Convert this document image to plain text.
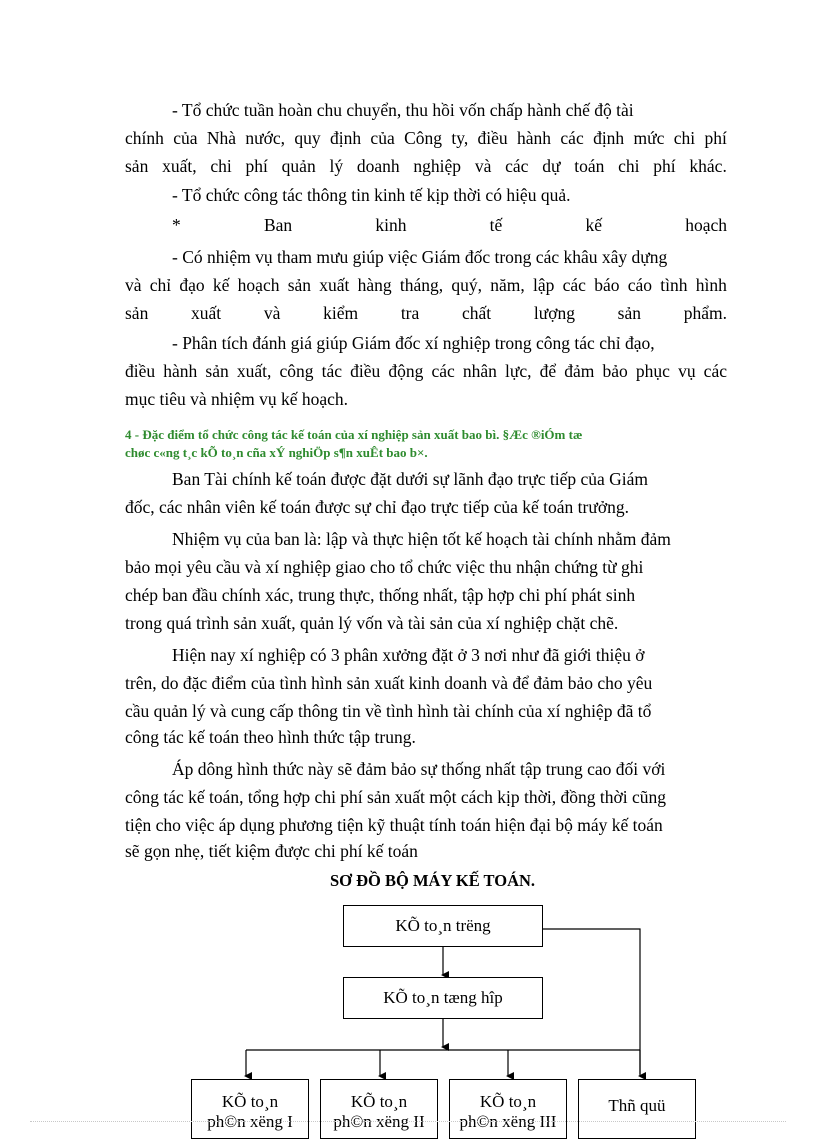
- Tổ chức tuần hoàn chu chuyển, thu hồi vốn chấp hành chế độ tài
chính của Nhà nước, quy định của Công ty, điều hành các định mức chi phí
sản xuất, chi phí quản lý doanh nghiệp và các dự toán chi phí khác.
- Tổ chức công tác thông tin kinh tế kịp thời có hiệu quả.
*	Ban	kinh	tế	kế	hoạch
- Có nhiệm vụ tham mưu giúp việc Giám đốc trong các khâu xây dựng
và chỉ đạo kế hoạch sản xuất hàng tháng, quý, năm, lập các báo cáo tình hình
sản xuất và kiểm tra chất lượng sản phẩm.
- Phân tích đánh giá giúp Giám đốc xí nghiệp trong công tác chỉ đạo,
điều hành sản xuất, công tác điều động các nhân lực, để đảm bảo phục vụ các
mục tiêu và nhiệm vụ kế hoạch.
4 - Đặc điểm tổ chức công tác kế toán của xí nghiệp sản xuất bao bì. §Æc ®iÓm tæ
chøc c«ng t¸c kÕ to¸n cña xÝ nghiÖp s¶n xuÊt bao b×.
Ban Tài chính kế toán được đặt dưới sự lãnh đạo trực tiếp của Giám
đốc, các nhân viên kế toán được sự chỉ đạo trực tiếp của kế toán trưởng.
Nhiệm vụ của ban là: lập và thực hiện tốt kế hoạch tài chính nhằm đảm
bảo mọi yêu cầu và xí nghiệp giao cho tổ chức việc thu nhận chứng từ ghi
chép ban đầu chính xác, trung thực, thống nhất, tập hợp chi phí phát sinh
trong quá trình sản xuất, quản lý vốn và tài sản của xí nghiệp chặt chẽ.
Hiện nay xí nghiệp có 3 phân xưởng đặt ở 3 nơi như đã giới thiệu ở
trên, do đặc điểm của tình hình sản xuất kinh doanh và để đảm bảo cho yêu
cầu quản lý và cung cấp thông tin về tình hình tài chính của xí nghiệp đã tổ
công tác kế toán theo hình thức tập trung.
Áp dông hình thức này sẽ đảm bảo sự thống nhất tập trung cao đối với
công tác kế toán, tổng hợp chi phí sản xuất một cách kịp thời, đồng thời cũng
tiện cho việc áp dụng phương tiện kỹ thuật tính toán hiện đại bộ máy kế toán
sẽ gọn nhẹ, tiết kiệm được chi phí kế toán
SƠ ĐỒ BỘ MÁY KẾ TOÁN.
KÕ to¸n trëng
KÕ to¸n tæng hîp
KÕ to¸n
ph©n xëng I
KÕ to¸n
ph©n xëng II
KÕ to¸n
ph©n xëng III
Thñ quü
